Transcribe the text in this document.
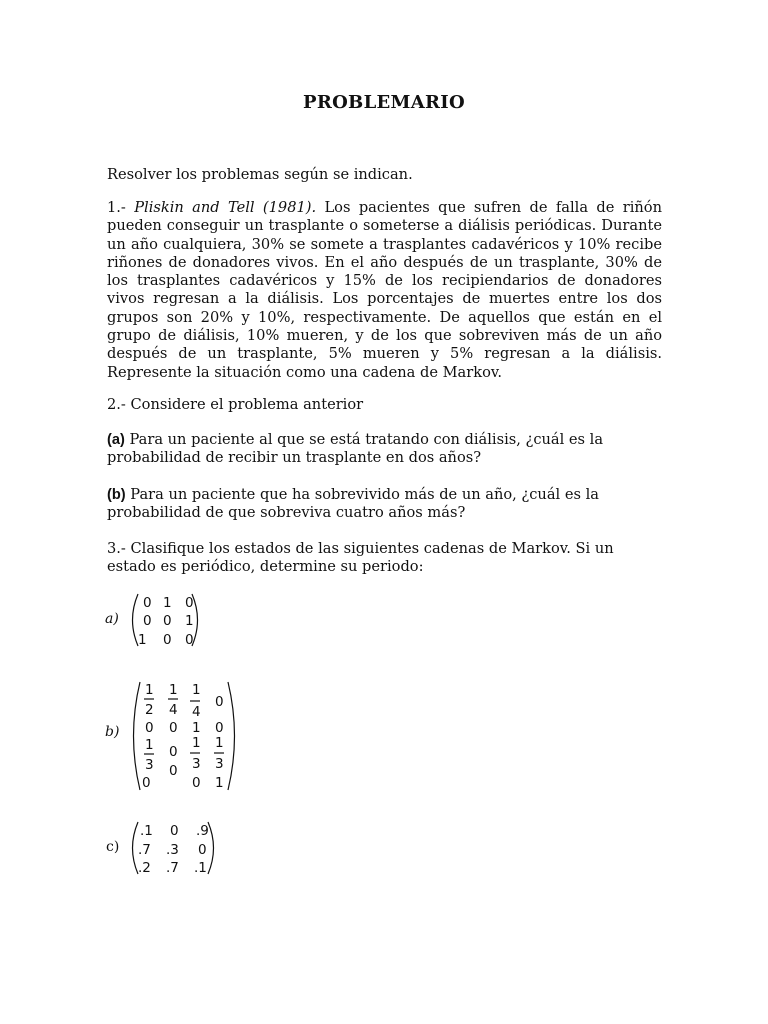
PROBLEMARIO
Resolver los problemas según se indican.
1.- Pliskin and Tell (1981). Los pacientes que sufren de falla de riñón pueden conseguir un trasplante o someterse a diálisis periódicas. Durante un año cualquiera, 30% se somete a trasplantes cadavéricos y 10% recibe riñones de donadores vivos. En el año después de un trasplante, 30% de los trasplantes cadavéricos y 15% de los recipiendarios de donadores vivos regresan a la diálisis. Los porcentajes de muertes entre los dos grupos son 20% y 10%, respectivamente. De aquellos que están en el grupo de diálisis, 10% mueren, y de los que sobreviven más de un año después de un trasplante, 5% mueren y 5% regresan a la diálisis. Represente la situación como una cadena de Markov.
2.- Considere el problema anterior
(a) Para un paciente al que se está tratando con diálisis, ¿cuál es la probabilidad de recibir un trasplante en dos años?
(b) Para un paciente que ha sobrevivido más de un año, ¿cuál es la probabilidad de que sobreviva cuatro años más?
3.- Clasifique los estados de las siguientes cadenas de Markov. Si un estado es periódico, determine su periodo:
a)
0 1 0
0 0 1
1 0 0
b)
1
2
1
4
1
4
0
0 0 1 0
1
3
0
0
1
3
1
3
0	0 1
c)
.1 0 .9
.7 .3 0
.2 .7 .1
